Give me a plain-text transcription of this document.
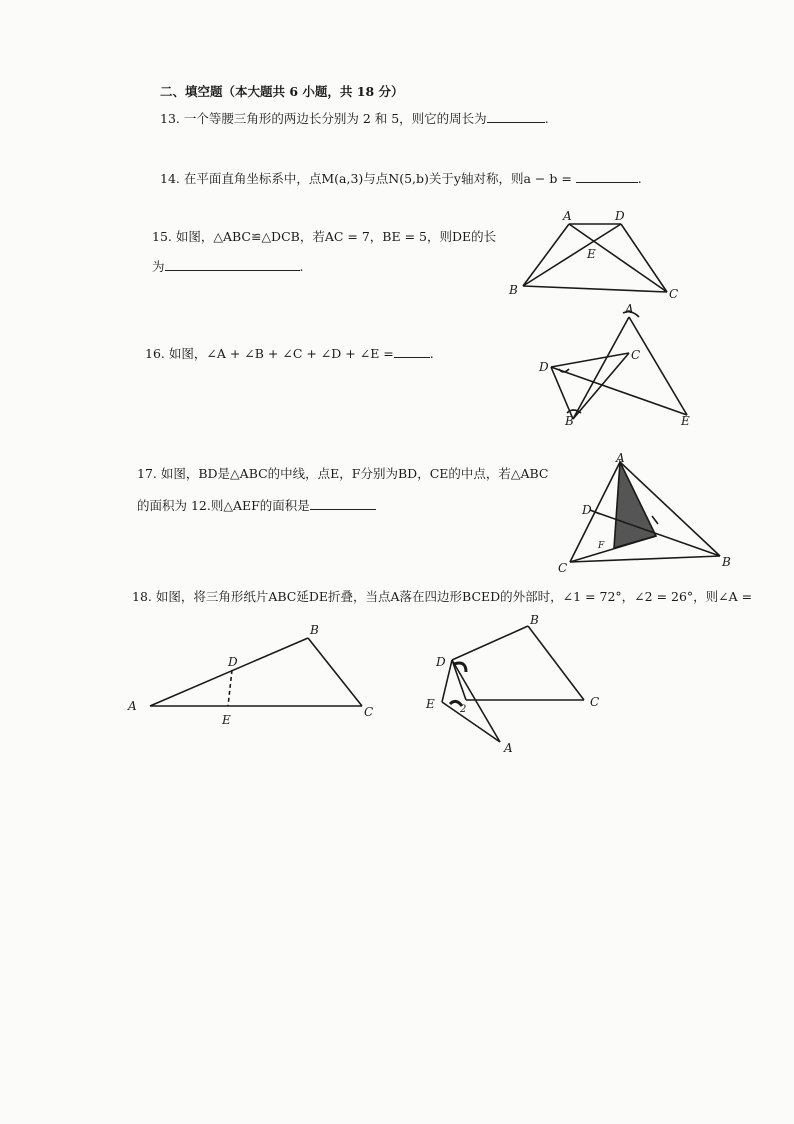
二、填空题（本大题共 6 小题，共 18 分）
13. 一个等腰三角形的两边长分别为 2 和 5，则它的周长为	.
14. 在平面直角坐标系中，点M(a,3)与点N(5,b)关于y轴对称，则a − b =	.
15. 如图，△ABC≌△DCB，若AC = 7，BE = 5，则DE的长
为	.
A	D
E
B	C
16. 如图，∠A + ∠B + ∠C + ∠D + ∠E =	.
A
C
D
B	E
17. 如图，BD是△ABC的中线，点E，F分别为BD，CE的中点，若△ABC
的面积为 12.则△AEF的面积是
A
D
F
C	B
18. 如图，将三角形纸片ABC延DE折叠，当点A落在四边形BCED的外部时，∠1 = 72°，∠2 = 26°，则∠A =
B
D
A
E
C
B
D
C
E	2
A
